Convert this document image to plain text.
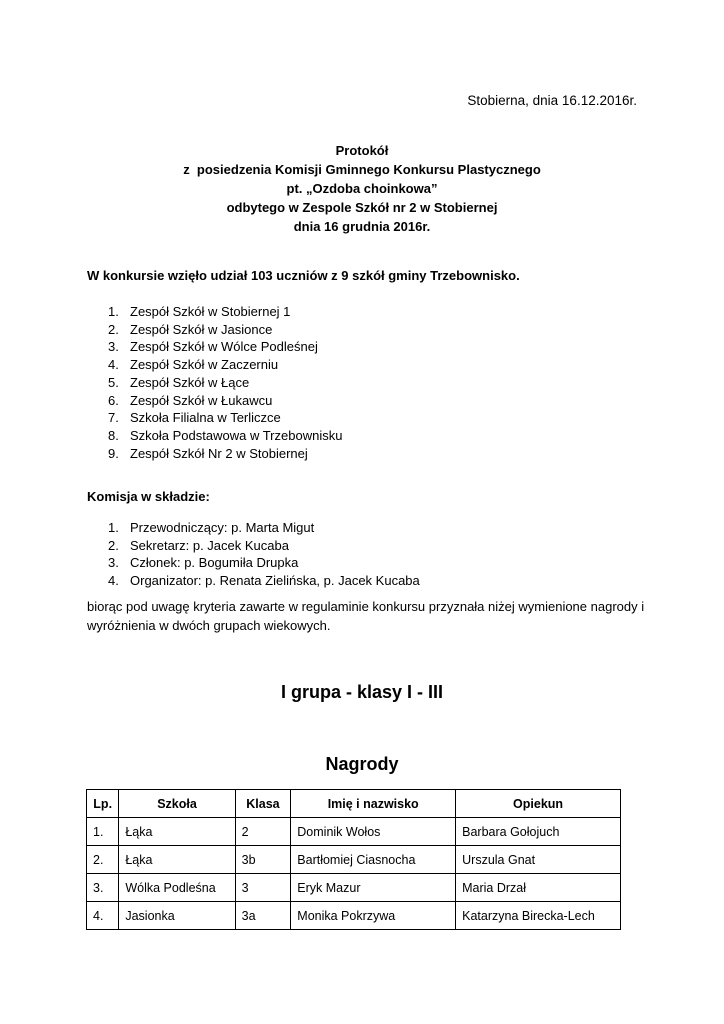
Stobierna, dnia 16.12.2016r.
Protokół
z  posiedzenia Komisji Gminnego Konkursu Plastycznego
pt. „Ozdoba choinkowa”
odbytego w Zespole Szkół nr 2 w Stobiernej
dnia 16 grudnia 2016r.
W konkursie wzięło udział 103 uczniów z 9 szkół gminy Trzebownisko.
1. Zespół Szkół w Stobiernej 1
2. Zespół Szkół w Jasionce
3. Zespół Szkół w Wólce Podleśnej
4. Zespół Szkół w Zaczerniu
5. Zespół Szkół w Łące
6. Zespół Szkół w Łukawcu
7. Szkoła Filialna w Terliczce
8. Szkoła Podstawowa w Trzebownisku
9. Zespół Szkół Nr 2 w Stobiernej
Komisja w składzie:
1. Przewodniczący: p. Marta Migut
2. Sekretarz: p. Jacek Kucaba
3. Członek: p. Bogumiła Drupka
4. Organizator: p. Renata Zielińska, p. Jacek Kucaba
biorąc pod uwagę kryteria zawarte w regulaminie konkursu przyznała niżej wymienione nagrody i wyróżnienia w dwóch grupach wiekowych.
I grupa - klasy I - III
Nagrody
Lp.	Szkoła	Klasa	Imię i nazwisko	Opiekun
1.	Łąka	2	Dominik Wołos	Barbara Gołojuch
2.	Łąka	3b	Bartłomiej Ciasnocha	Urszula Gnat
3.	Wólka Podleśna	3	Eryk Mazur	Maria Drzał
4.	Jasionka	3a	Monika Pokrzywa	Katarzyna Birecka-Lech
